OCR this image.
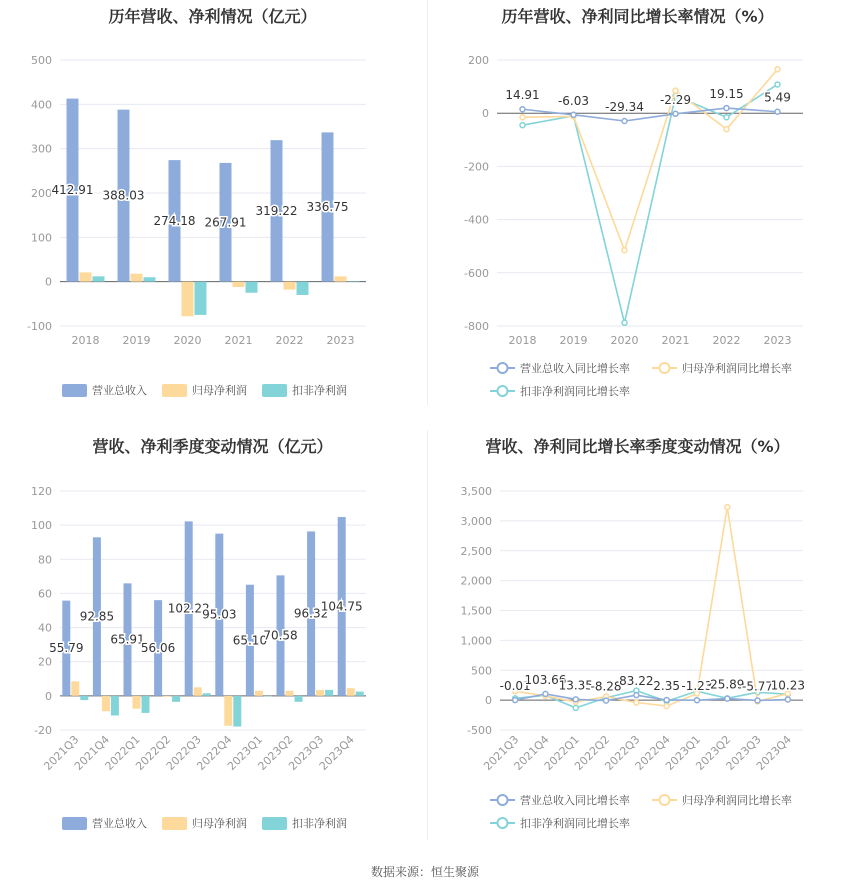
历年营收、净利情况（亿元）
-100
0
100
200
300
400
500
2018 2019 2020 2021 2022 2023
412.91 388.03
274.18 267.91
319.22 336.75
营业总收入	归母净利润	扣非净利润
历年营收、净利同比增长率情况（%）
-800
-600
-400
-200
0
200
2018 2019 2020 2021 2022 2023
14.91 -6.03 -29.34
-2.29 19.15 5.49
营业总收入同比增长率	归母净利润同比增长率
扣非净利润同比增长率
营收、净利季度变动情况（亿元）
-20
0
20
40
60
80
100
120
2021Q3
2021Q4
2022Q1
2022Q2
2022Q3
2022Q4
2023Q1
2023Q2
2023Q3
2023Q4
55.79
92.85
65.91
56.06
102.22
95.03
65.10
70.58
96.32
104.75
营业总收入	归母净利润	扣非净利润
营收、净利同比增长率季度变动情况（%）
-500
0
500
1,000
1,500
2,000
2,500
3,000
3,500
2021Q3
2021Q4
2022Q1
2022Q2
2022Q3
2022Q4
2023Q1
2023Q2
2023Q3
2023Q4
-0.01
103.66
13.35
-8.28
83.22 2.35 -1.23
25.89
-5.77
10.23
营业总收入同比增长率	归母净利润同比增长率
扣非净利润同比增长率
数据来源：恒生聚源
